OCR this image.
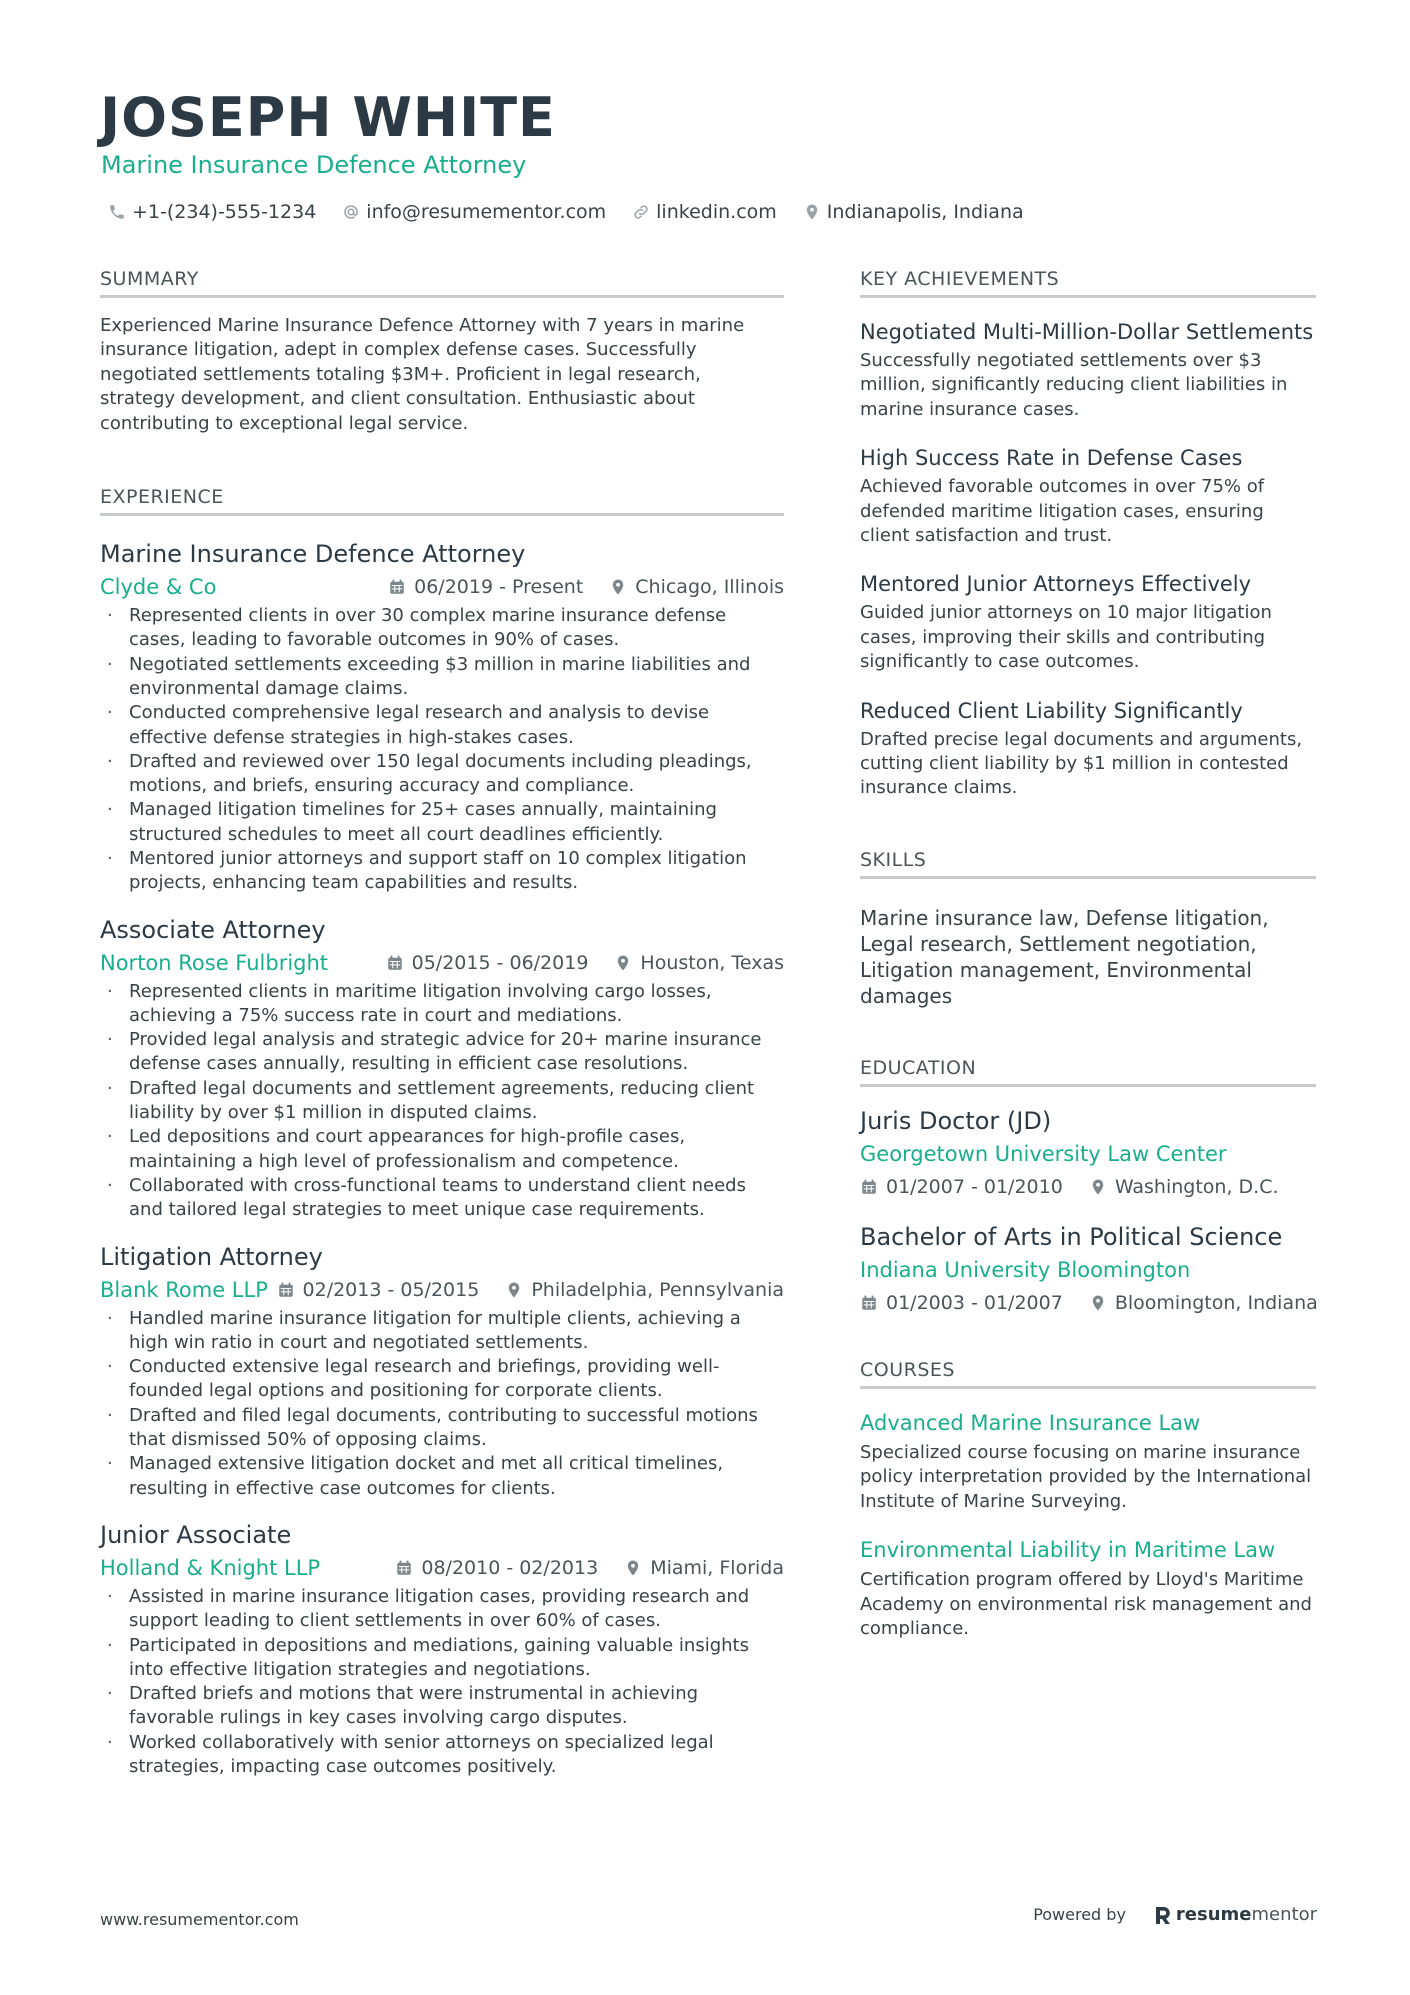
JOSEPH WHITE
Marine Insurance Defence Attorney
+1-(234)-555-1234	info@resumementor.com	linkedin.com	Indianapolis, Indiana
SUMMARY
Experienced Marine Insurance Defence Attorney with 7 years in marine insurance litigation, adept in complex defense cases. Successfully negotiated settlements totaling $3M+. Proficient in legal research, strategy development, and client consultation. Enthusiastic about contributing to exceptional legal service.
EXPERIENCE
Marine Insurance Defence Attorney
Clyde & Co	06/2019 - Present	Chicago, Illinois
· Represented clients in over 30 complex marine insurance defense cases, leading to favorable outcomes in 90% of cases.
· Negotiated settlements exceeding $3 million in marine liabilities and environmental damage claims.
· Conducted comprehensive legal research and analysis to devise effective defense strategies in high-stakes cases.
· Drafted and reviewed over 150 legal documents including pleadings, motions, and briefs, ensuring accuracy and compliance.
· Managed litigation timelines for 25+ cases annually, maintaining structured schedules to meet all court deadlines efficiently.
· Mentored junior attorneys and support staff on 10 complex litigation projects, enhancing team capabilities and results.
Associate Attorney
Norton Rose Fulbright	05/2015 - 06/2019	Houston, Texas
· Represented clients in maritime litigation involving cargo losses, achieving a 75% success rate in court and mediations.
· Provided legal analysis and strategic advice for 20+ marine insurance defense cases annually, resulting in efficient case resolutions.
· Drafted legal documents and settlement agreements, reducing client liability by over $1 million in disputed claims.
· Led depositions and court appearances for high-profile cases, maintaining a high level of professionalism and competence.
· Collaborated with cross-functional teams to understand client needs and tailored legal strategies to meet unique case requirements.
Litigation Attorney
Blank Rome LLP 02/2013 - 05/2015	Philadelphia, Pennsylvania
· Handled marine insurance litigation for multiple clients, achieving a high win ratio in court and negotiated settlements.
· Conducted extensive legal research and briefings, providing well-founded legal options and positioning for corporate clients.
· Drafted and filed legal documents, contributing to successful motions that dismissed 50% of opposing claims.
· Managed extensive litigation docket and met all critical timelines, resulting in effective case outcomes for clients.
Junior Associate
Holland & Knight LLP	08/2010 - 02/2013	Miami, Florida
· Assisted in marine insurance litigation cases, providing research and support leading to client settlements in over 60% of cases.
· Participated in depositions and mediations, gaining valuable insights into effective litigation strategies and negotiations.
· Drafted briefs and motions that were instrumental in achieving favorable rulings in key cases involving cargo disputes.
· Worked collaboratively with senior attorneys on specialized legal strategies, impacting case outcomes positively.
KEY ACHIEVEMENTS
Negotiated Multi-Million-Dollar Settlements
Successfully negotiated settlements over $3 million, significantly reducing client liabilities in marine insurance cases.
High Success Rate in Defense Cases
Achieved favorable outcomes in over 75% of defended maritime litigation cases, ensuring client satisfaction and trust.
Mentored Junior Attorneys Effectively
Guided junior attorneys on 10 major litigation cases, improving their skills and contributing significantly to case outcomes.
Reduced Client Liability Significantly
Drafted precise legal documents and arguments, cutting client liability by $1 million in contested insurance claims.
SKILLS
Marine insurance law, Defense litigation, Legal research, Settlement negotiation, Litigation management, Environmental damages
EDUCATION
Juris Doctor (JD)
Georgetown University Law Center
01/2007 - 01/2010	Washington, D.C.
Bachelor of Arts in Political Science
Indiana University Bloomington
01/2003 - 01/2007	Bloomington, Indiana
COURSES
Advanced Marine Insurance Law
Specialized course focusing on marine insurance policy interpretation provided by the International Institute of Marine Surveying.
Environmental Liability in Maritime Law
Certification program offered by Lloyd's Maritime Academy on environmental risk management and compliance.
www.resumementor.com	Powered by	resume mentor
